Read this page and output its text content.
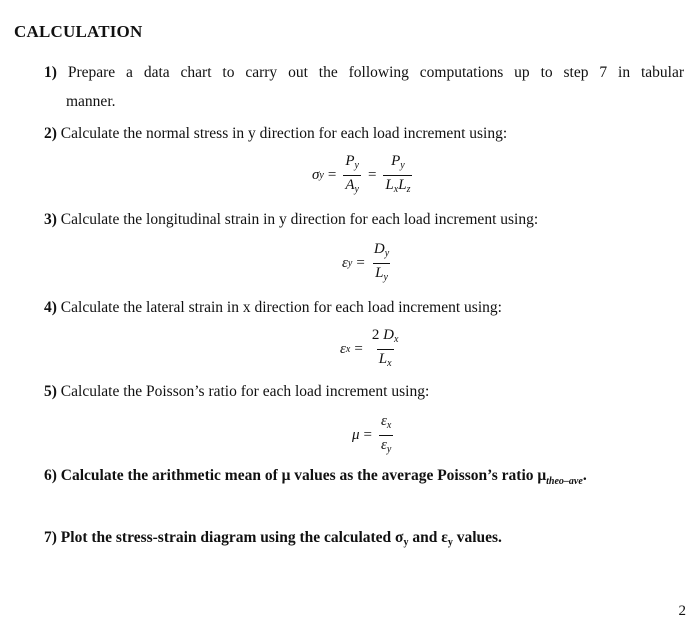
CALCULATION
1) Prepare a data chart to carry out the following computations up to step 7 in tabular
manner.
2) Calculate the normal stress in y direction for each load increment using:
σ $y = \frac{P_y}{A_y} = \frac{P_y}{L_xL_z}$
3) Calculate the longitudinal strain in y direction for each load increment using:
ε $y = \frac{D_y}{L_y}$
4) Calculate the lateral strain in x direction for each load increment using:
ε $x = \frac{2 D_x}{L_x}$
5) Calculate the Poisson’s ratio for each load increment using:
$\mu = \frac{\varepsilon_x}{\varepsilon_y}$
6) Calculate the arithmetic mean of μ values as the average Poisson’s ratio $\mu_{theo-ave}$.
7) Plot the stress-strain diagram using the calculated $\sigma_y$ and $\varepsilon_y$ values.
2
